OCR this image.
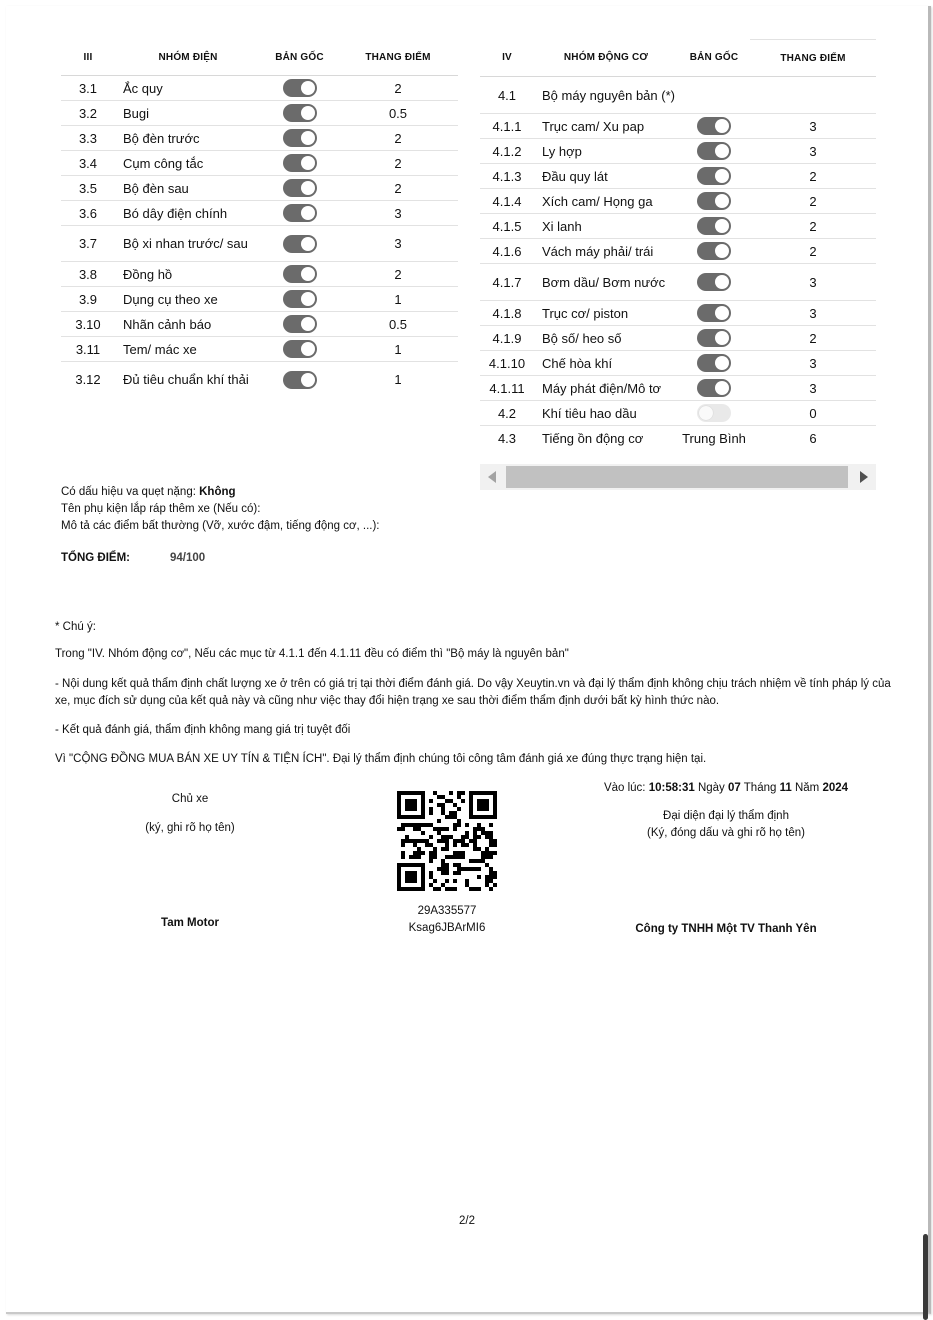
III	NHÓM ĐIỆN	BẢN GỐC	THANG ĐIỂM
3.1	Ắc quy		2
3.2	Bugi		0.5
3.3	Bộ đèn trước		2
3.4	Cụm công tắc		2
3.5	Bộ đèn sau		2
3.6	Bó dây điện chính		3
3.7	Bộ xi nhan trước/ sau		3
3.8	Đồng hồ		2
3.9	Dụng cụ theo xe		1
3.10	Nhãn cảnh báo		0.5
3.11	Tem/ mác xe		1
3.12	Đủ tiêu chuẩn khí thải		1
IV	NHÓM ĐỘNG CƠ	BẢN GỐC	THANG ĐIỂM
4.1	Bộ máy nguyên bản (*)		
4.1.1	Trục cam/ Xu pap		3
4.1.2	Ly hợp		3
4.1.3	Đầu quy lát		2
4.1.4	Xích cam/ Họng ga		2
4.1.5	Xi lanh		2
4.1.6	Vách máy phải/ trái		2
4.1.7	Bơm dầu/ Bơm nước		3
4.1.8	Trục cơ/ piston		3
4.1.9	Bộ số/ heo số		2
4.1.10	Chế hòa khí		3
4.1.11	Máy phát điện/Mô tơ		3
4.2	Khí tiêu hao dầu		0
4.3	Tiếng ồn động cơ	Trung Bình	6
Có dấu hiệu va quẹt nặng: Không
Tên phụ kiện lắp ráp thêm xe (Nếu có):
Mô tả các điểm bất thường (Vỡ, xước đậm, tiếng động cơ, ...):
TỔNG ĐIỂM:	94/100
* Chú ý:
Trong "IV. Nhóm động cơ", Nếu các mục từ 4.1.1 đến 4.1.11 đều có điểm thì "Bộ máy là nguyên bản"
- Nội dung kết quả thẩm định chất lượng xe ở trên có giá trị tại thời điểm đánh giá. Do vậy Xeuytin.vn và đại lý thẩm định không chịu trách nhiệm về tính pháp lý của xe, mục đích sử dụng của kết quả này và cũng như việc thay đổi hiện trạng xe sau thời điểm thẩm định dưới bất kỳ hình thức nào.
- Kết quả đánh giá, thẩm định không mang giá trị tuyệt đối
Vì "CỘNG ĐỒNG MUA BÁN XE UY TÍN & TIỆN ÍCH". Đại lý thẩm định chúng tôi công tâm đánh giá xe đúng thực trạng hiện tại.
Chủ xe
(ký, ghi rõ họ tên)
Tam Motor
29A335577
Ksag6JBArMI6
Vào lúc: 10:58:31 Ngày 07 Tháng 11 Năm 2024
Đại diện đại lý thẩm định
(Ký, đóng dấu và ghi rõ họ tên)
Công ty TNHH Một TV Thanh Yên
2/2
